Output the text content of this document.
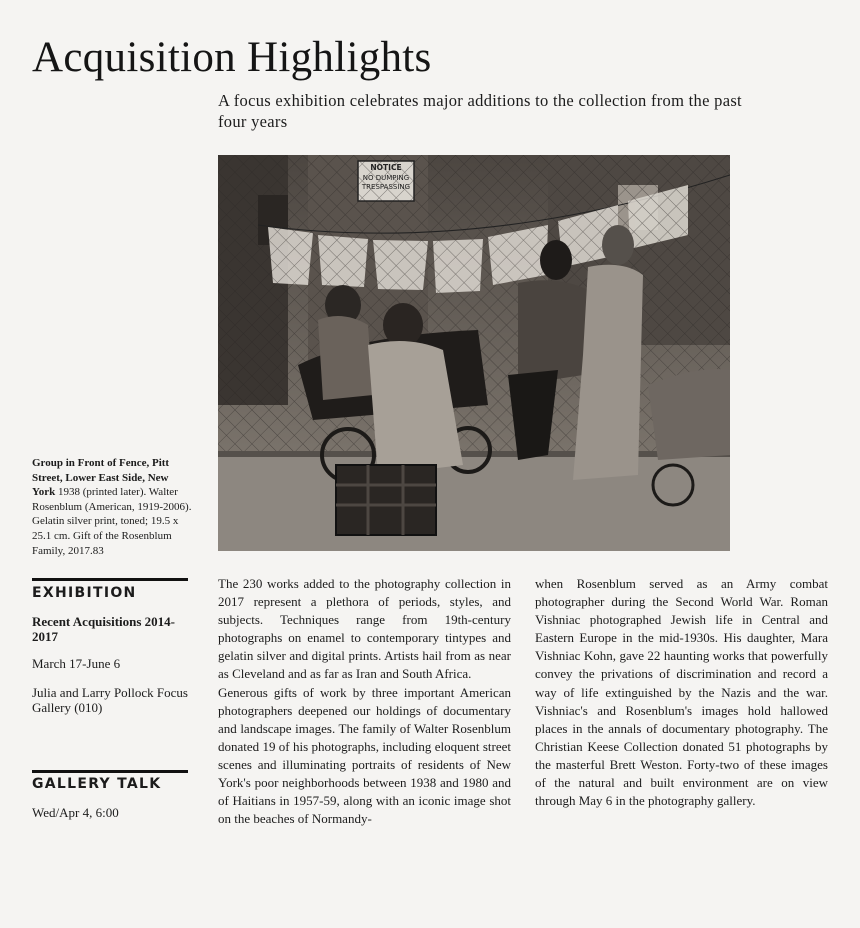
Acquisition Highlights
A focus exhibition celebrates major additions to the collection from the past four years
Group in Front of Fence, Pitt Street, Lower East Side, New York 1938 (printed later). Walter Rosenblum (American, 1919-2006). Gelatin silver print, toned; 19.5 x 25.1 cm. Gift of the Rosenblum Family, 2017.83
EXHIBITION
Recent Acquisitions 2014-2017
March 17-June 6
Julia and Larry Pollock Focus Gallery (010)
GALLERY TALK
Wed/Apr 4, 6:00

The 230 works added to the photography collection in 2017 represent a plethora of periods, styles, and subjects. Techniques range from 19th-century photographs on enamel to contemporary tintypes and gelatin silver and digital prints. Artists hail from as near as Cleveland and as far as Iran and South Africa.

Generous gifts of work by three important American photographers deepened our holdings of documentary and landscape images. The family of Walter Rosenblum donated 19 of his photographs, including eloquent street scenes and illuminating portraits of residents of New York's poor neighborhoods between 1938 and 1980 and of Haitians in 1957-59, along with an iconic image shot on the beaches of Normandy-

when Rosenblum served as an Army combat photographer during the Second World War. Roman Vishniac photographed Jewish life in Central and Eastern Europe in the mid-1930s. His daughter, Mara Vishniac Kohn, gave 22 haunting works that powerfully convey the privations of discrimination and record a way of life extinguished by the Nazis and the war. Vishniac's and Rosenblum's images hold hallowed places in the annals of documentary photography. The Christian Keese Collection donated 51 photographs by the masterful Brett Weston. Forty-two of these images of the natural and built environment are on view through May 6 in the photography gallery.
